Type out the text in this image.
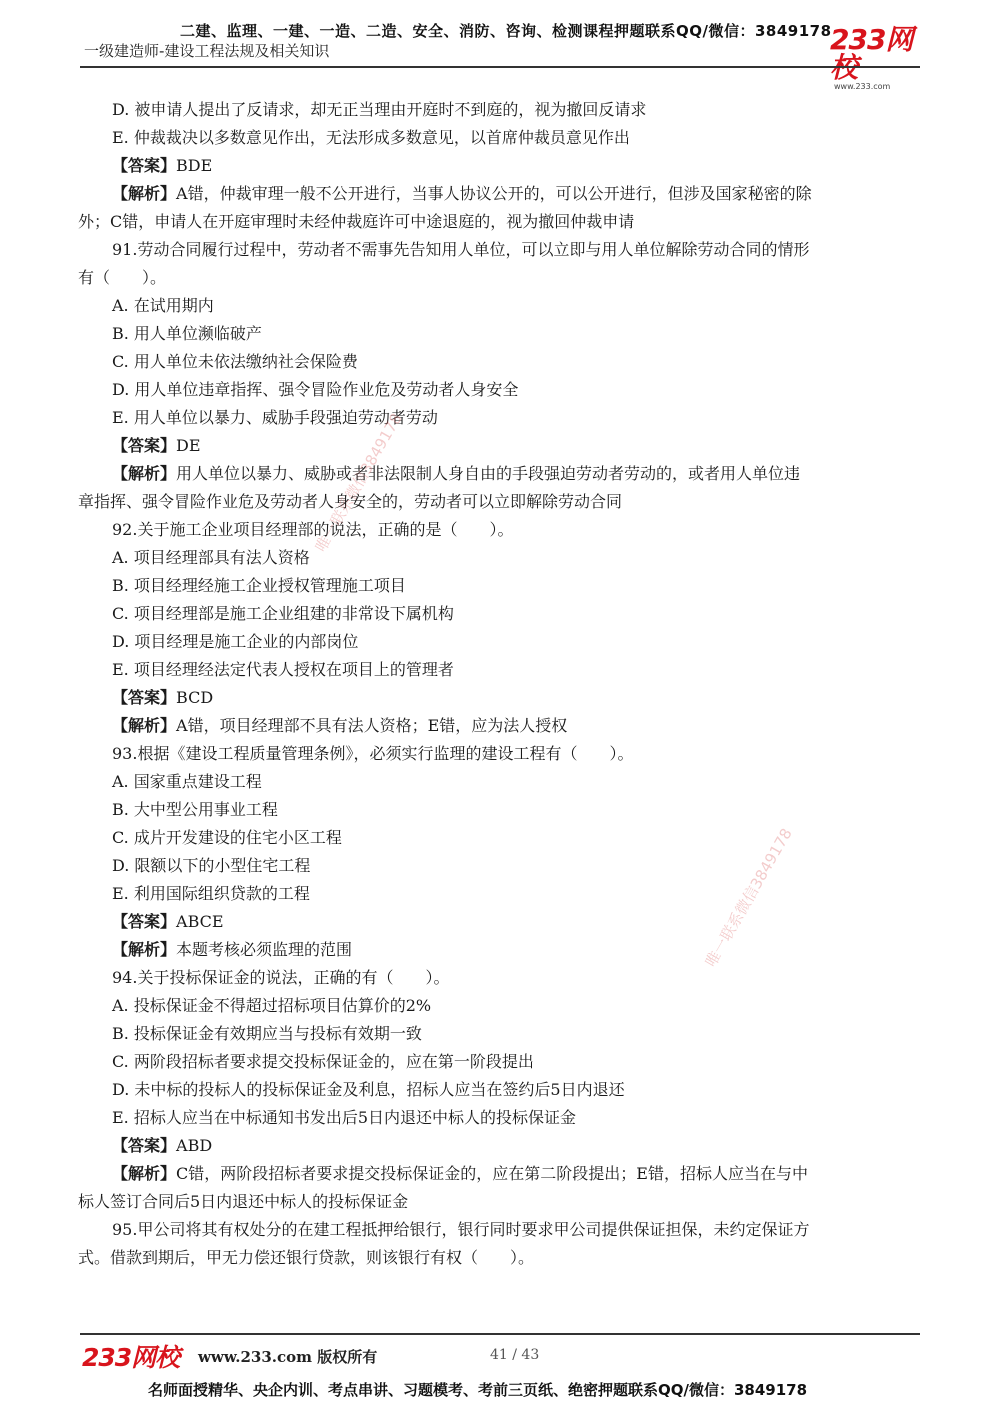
二建、监理、一建、一造、二造、安全、消防、咨询、检测课程押题联系QQ/微信：3849178
一级建造师-建设工程法规及相关知识	233网校
www.233.com

D. 被申请人提出了反请求，却无正当理由开庭时不到庭的，视为撤回反请求

E. 仲裁裁决以多数意见作出，无法形成多数意见，以首席仲裁员意见作出

【答案】BDE

【解析】A错，仲裁审理一般不公开进行，当事人协议公开的，可以公开进行，但涉及国家秘密的除

外；C错，申请人在开庭审理时未经仲裁庭许可中途退庭的，视为撤回仲裁申请

91.劳动合同履行过程中，劳动者不需事先告知用人单位，可以立即与用人单位解除劳动合同的情形

有（　　）。

A. 在试用期内

B. 用人单位濒临破产

C. 用人单位未依法缴纳社会保险费

D. 用人单位违章指挥、强令冒险作业危及劳动者人身安全

E. 用人单位以暴力、威胁手段强迫劳动者劳动

【答案】DE

【解析】用人单位以暴力、威胁或者非法限制人身自由的手段强迫劳动者劳动的，或者用人单位违

章指挥、强令冒险作业危及劳动者人身安全的，劳动者可以立即解除劳动合同

92.关于施工企业项目经理部的说法，正确的是（　　）。

A. 项目经理部具有法人资格

B. 项目经理经施工企业授权管理施工项目

C. 项目经理部是施工企业组建的非常设下属机构

D. 项目经理是施工企业的内部岗位

E. 项目经理经法定代表人授权在项目上的管理者

【答案】BCD

【解析】A错，项目经理部不具有法人资格；E错，应为法人授权

93.根据《建设工程质量管理条例》，必须实行监理的建设工程有（　　）。

A. 国家重点建设工程

B. 大中型公用事业工程

C. 成片开发建设的住宅小区工程

D. 限额以下的小型住宅工程

E. 利用国际组织贷款的工程

【答案】ABCE

【解析】本题考核必须监理的范围

94.关于投标保证金的说法，正确的有（　　）。

A. 投标保证金不得超过招标项目估算价的2%

B. 投标保证金有效期应当与投标有效期一致

C. 两阶段招标者要求提交投标保证金的，应在第一阶段提出

D. 未中标的投标人的投标保证金及利息，招标人应当在签约后5日内退还

E. 招标人应当在中标通知书发出后5日内退还中标人的投标保证金

【答案】ABD

【解析】C错，两阶段招标者要求提交投标保证金的，应在第二阶段提出；E错，招标人应当在与中

标人签订合同后5日内退还中标人的投标保证金

95.甲公司将其有权处分的在建工程抵押给银行，银行同时要求甲公司提供保证担保，未约定保证方

式。借款到期后，甲无力偿还银行贷款，则该银行有权（　　）。

唯一联系微信3849178
唯一联系微信3849178
233网校 www.233.com 版权所有	41 / 43
名师面授精华、央企内训、考点串讲、习题模考、考前三页纸、绝密押题联系QQ/微信：3849178
